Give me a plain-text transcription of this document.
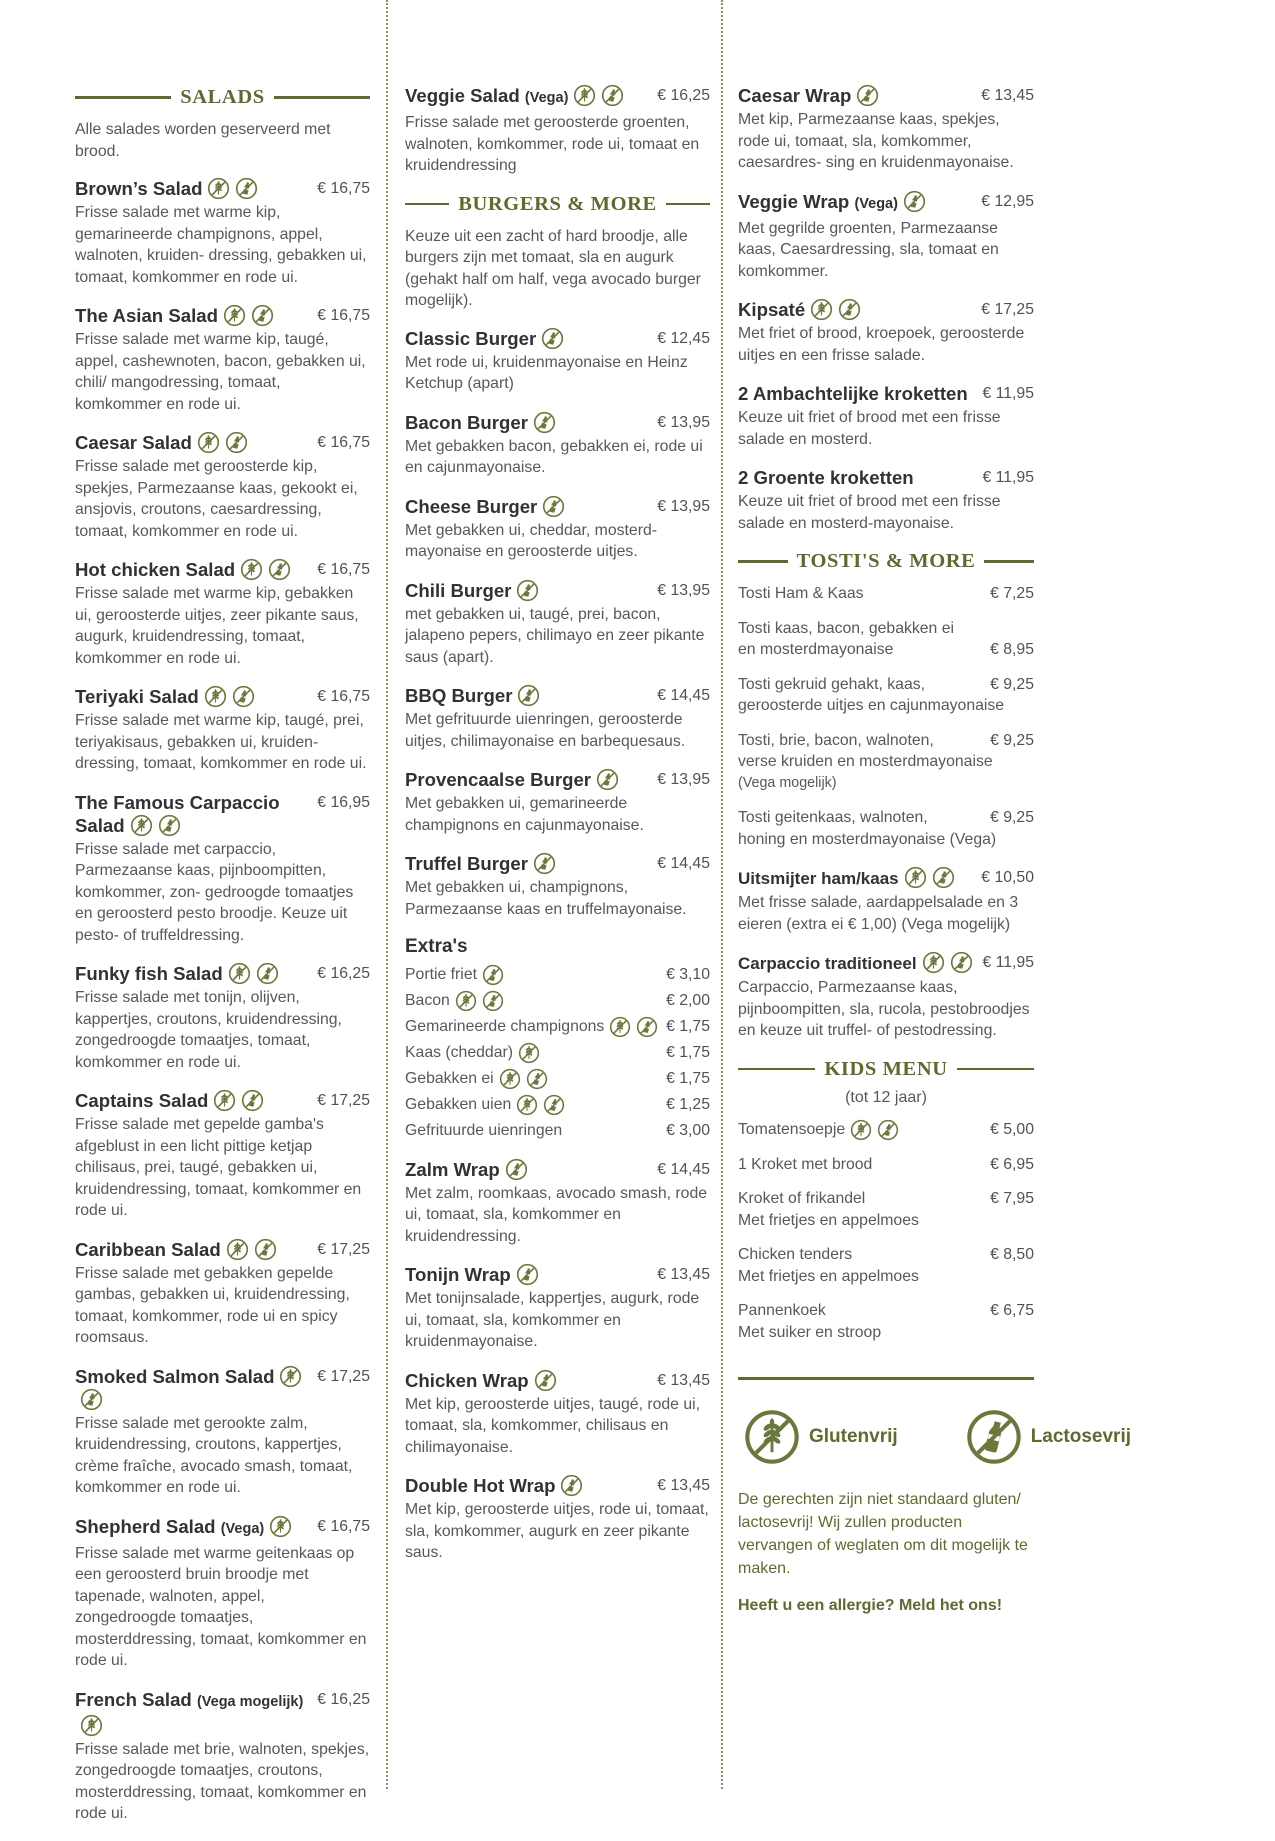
SALADS
Alle salades worden geserveerd met brood.
Brown’s Salad	€ 16,75
Frisse salade met warme kip, gemarineerde champignons, appel, walnoten, kruiden- dressing, gebakken ui, tomaat, komkommer en rode ui.
The Asian Salad	€ 16,75
Frisse salade met warme kip, taugé, appel, cashewnoten, bacon, gebakken ui, chili/ mangodressing, tomaat, komkommer en rode ui.
Caesar Salad	€ 16,75
Frisse salade met geroosterde kip, spekjes, Parmezaanse kaas, gekookt ei, ansjovis, croutons, caesardressing, tomaat, komkommer en rode ui.
Hot chicken Salad	€ 16,75
Frisse salade met warme kip, gebakken ui, geroosterde uitjes, zeer pikante saus, augurk, kruidendressing, tomaat, komkommer en rode ui.
Teriyaki Salad	€ 16,75
Frisse salade met warme kip, taugé, prei, teriyakisaus, gebakken ui, kruiden- dressing, tomaat, komkommer en rode ui.
The Famous Carpaccio Salad
€ 16,95
Frisse salade met carpaccio, Parmezaanse kaas, pijnboompitten, komkommer, zon- gedroogde tomaatjes en geroosterd pesto broodje. Keuze uit pesto- of truffeldressing.
Funky fish Salad	€ 16,25
Frisse salade met tonijn, olijven, kappertjes, croutons, kruidendressing, zongedroogde tomaatjes, tomaat, komkommer en rode ui.
Captains Salad	€ 17,25
Frisse salade met gepelde gamba's afgeblust in een licht pittige ketjap chilisaus, prei, taugé, gebakken ui, kruidendressing, tomaat, komkommer en rode ui.
Caribbean Salad	€ 17,25
Frisse salade met gebakken gepelde gambas, gebakken ui, kruidendressing, tomaat, komkommer, rode ui en spicy roomsaus.
Smoked Salmon Salad	€ 17,25
Frisse salade met gerookte zalm, kruidendressing, croutons, kappertjes, crème fraîche, avocado smash, tomaat, komkommer en rode ui.
Shepherd Salad (Vega)	€ 16,75
Frisse salade met warme geitenkaas op een geroosterd bruin broodje met tapenade, walnoten, appel, zongedroogde tomaatjes, mosterddressing, tomaat, komkommer en rode ui.
French Salad (Vega mogelijk) € 16,25
Frisse salade met brie, walnoten, spekjes, zongedroogde tomaatjes, croutons, mosterddressing, tomaat, komkommer en rode ui.
Veggie Salad (Vega)	€ 16,25
Frisse salade met geroosterde groenten, walnoten, komkommer, rode ui, tomaat en kruidendressing
BURGERS & MORE
Keuze uit een zacht of hard broodje, alle burgers zijn met tomaat, sla en augurk (gehakt half om half, vega avocado burger mogelijk).
Classic Burger	€ 12,45
Met rode ui, kruidenmayonaise en Heinz Ketchup (apart)
Bacon Burger	€ 13,95
Met gebakken bacon, gebakken ei, rode ui en cajunmayonaise.
Cheese Burger	€ 13,95
Met gebakken ui, cheddar, mosterd- mayonaise en geroosterde uitjes.
Chili Burger	€ 13,95
met gebakken ui, taugé, prei, bacon, jalapeno pepers, chilimayo en zeer pikante saus (apart).
BBQ Burger	€ 14,45
Met gefrituurde uienringen, geroosterde uitjes, chilimayonaise en barbequesaus.
Provencaalse Burger	€ 13,95
Met gebakken ui, gemarineerde champignons en cajunmayonaise.
Truffel Burger	€ 14,45
Met gebakken ui, champignons, Parmezaanse kaas en truffelmayonaise.
Extra's
Portie friet	€ 3,10
Bacon	€ 2,00
Gemarineerde champignons	€ 1,75
Kaas (cheddar)	€ 1,75
Gebakken ei	€ 1,75
Gebakken uien	€ 1,25
Gefrituurde uienringen	€ 3,00
Zalm Wrap	€ 14,45
Met zalm, roomkaas, avocado smash, rode ui, tomaat, sla, komkommer en kruidendressing.
Tonijn Wrap	€ 13,45
Met tonijnsalade, kappertjes, augurk, rode ui, tomaat, sla, komkommer en kruidenmayonaise.
Chicken Wrap	€ 13,45
Met kip, geroosterde uitjes, taugé, rode ui, tomaat, sla, komkommer, chilisaus en chilimayonaise.
Double Hot Wrap	€ 13,45
Met kip, geroosterde uitjes, rode ui, tomaat, sla, komkommer, augurk en zeer pikante saus.
Caesar Wrap	€ 13,45
Met kip, Parmezaanse kaas, spekjes, rode ui, tomaat, sla, komkommer, caesardres- sing en kruidenmayonaise.
Veggie Wrap (Vega)	€ 12,95
Met gegrilde groenten, Parmezaanse kaas, Caesardressing, sla, tomaat en komkommer.
Kipsaté	€ 17,25
Met friet of brood, kroepoek, geroosterde uitjes en een frisse salade.
2 Ambachtelijke kroketten € 11,95
Keuze uit friet of brood met een frisse salade en mosterd.
2 Groente kroketten	€ 11,95
Keuze uit friet of brood met een frisse salade en mosterd-mayonaise.
TOSTI'S & MORE
Tosti Ham & Kaas	€ 7,25
Tosti kaas, bacon, gebakken ei
en mosterdmayonaise	€ 8,95
Tosti gekruid gehakt, kaas,	€ 9,25
geroosterde uitjes en cajunmayonaise
Tosti, brie, bacon, walnoten,	€ 9,25
verse kruiden en mosterdmayonaise
(Vega mogelijk)
Tosti geitenkaas, walnoten,	€ 9,25
honing en mosterdmayonaise (Vega)
Uitsmijter ham/kaas	€ 10,50
Met frisse salade, aardappelsalade en 3 eieren (extra ei € 1,00) (Vega mogelijk)
Carpaccio traditioneel	€ 11,95
Carpaccio, Parmezaanse kaas, pijnboompitten, sla, rucola, pestobroodjes en keuze uit truffel- of pestodressing.
KIDS MENU
(tot 12 jaar)
Tomatensoepje	€ 5,00
1 Kroket met brood	€ 6,95
Kroket of frikandel	€ 7,95
Met frietjes en appelmoes
Chicken tenders	€ 8,50
Met frietjes en appelmoes
Pannenkoek	€ 6,75
Met suiker en stroop
Glutenvrij	Lactosevrij

De gerechten zijn niet standaard gluten/ lactosevrij! Wij zullen producten vervangen of weglaten om dit mogelijk te maken.

Heeft u een allergie? Meld het ons!
